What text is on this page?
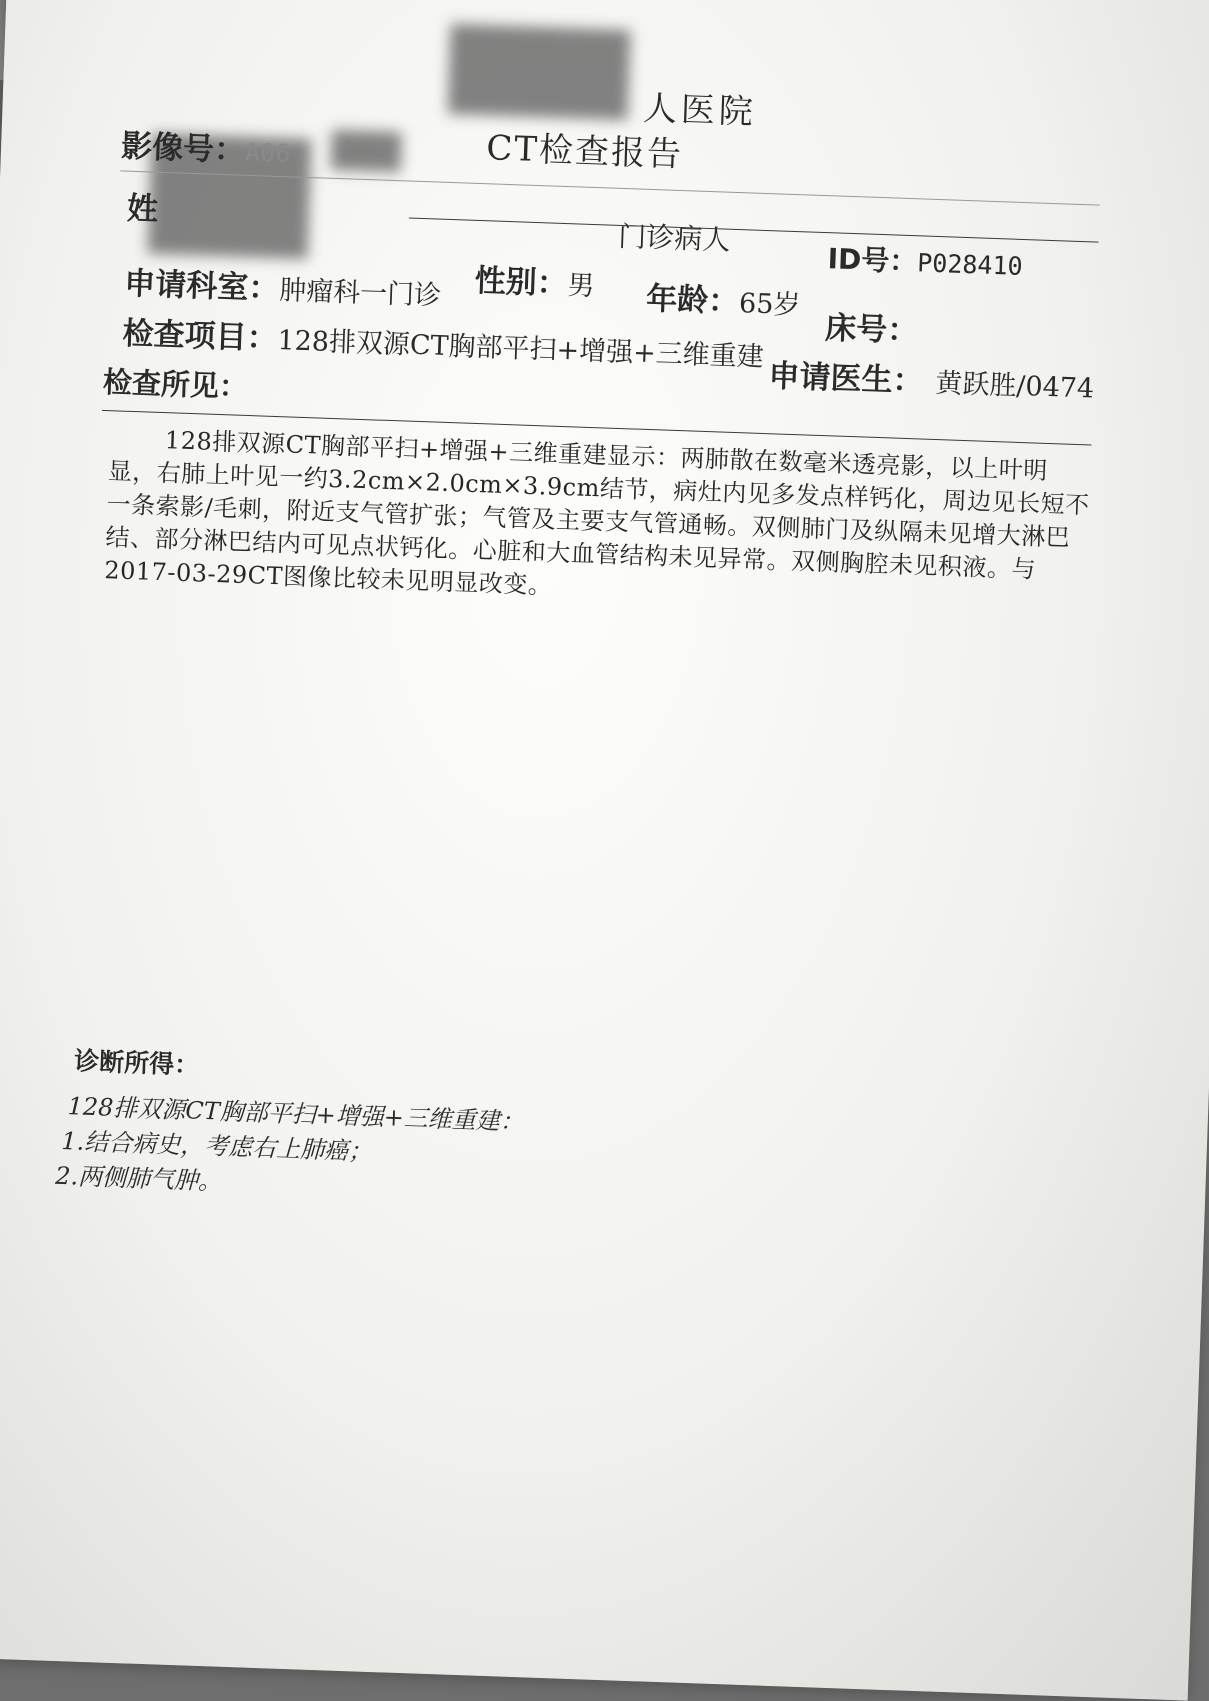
人医院
CT检查报告
影像号：A06
姓
门诊病人
ID号：P028410
性别：男 年龄：65岁
申请科室：肿瘤科一门诊
床号：
检查项目：128排双源CT胸部平扫+增强+三维重建
申请医生： 黄跃胜/0474
检查所见：
128排双源CT胸部平扫+增强+三维重建显示：两肺散在数毫米透亮影，以上叶明显，右肺上叶见一约3.2cm×2.0cm×3.9cm结节，病灶内见多发点样钙化，周边见长短不一条索影/毛刺，附近支气管扩张；气管及主要支气管通畅。双侧肺门及纵隔未见增大淋巴结、部分淋巴结内可见点状钙化。心脏和大血管结构未见异常。双侧胸腔未见积液。与2017-03-29CT图像比较未见明显改变。
诊断所得：
128排双源CT胸部平扫+增强+三维重建：
1.结合病史，考虑右上肺癌；
2.两侧肺气肿。
